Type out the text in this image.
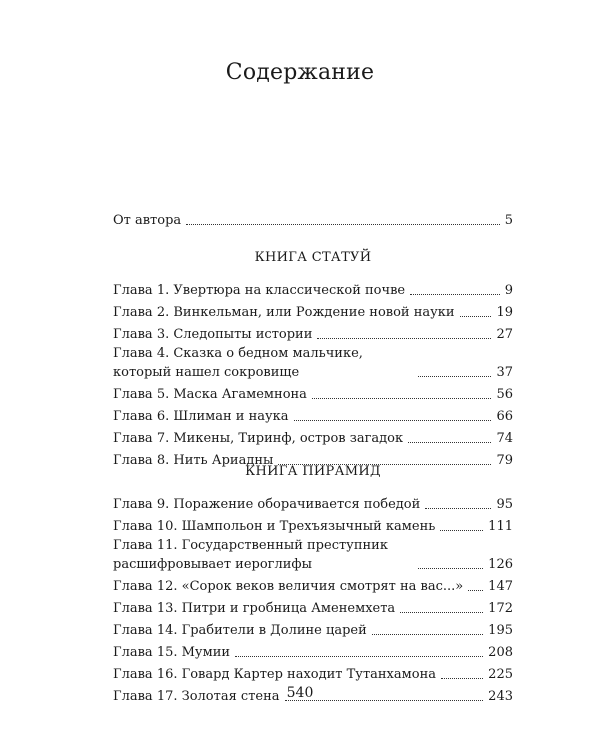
Содержание
От автора	5
КНИГА СТАТУЙ
Глава 1. Увертюра на классической почве	9
Глава 2. Винкельман, или Рождение новой науки	19
Глава 3. Следопыты истории	27
Глава 4. Сказка о бедном мальчике, который нашел сокровище	37
Глава 5. Маска Агамемнона	56
Глава 6. Шлиман и наука	66
Глава 7. Микены, Тиринф, остров загадок	74
Глава 8. Нить Ариадны	79
КНИГА ПИРАМИД
Глава 9. Поражение оборачивается победой	95
Глава 10. Шампольон и Трехъязычный камень	111
Глава 11. Государственный преступник расшифровывает иероглифы	126
Глава 12. «Сорок веков величия смотрят на вас...» 147
Глава 13. Питри и гробница Аменемхета	172
Глава 14. Грабители в Долине царей	195
Глава 15. Мумии	208
Глава 16. Говард Картер находит Тутанхамона	225
Глава 17. Золотая стена	243
540
